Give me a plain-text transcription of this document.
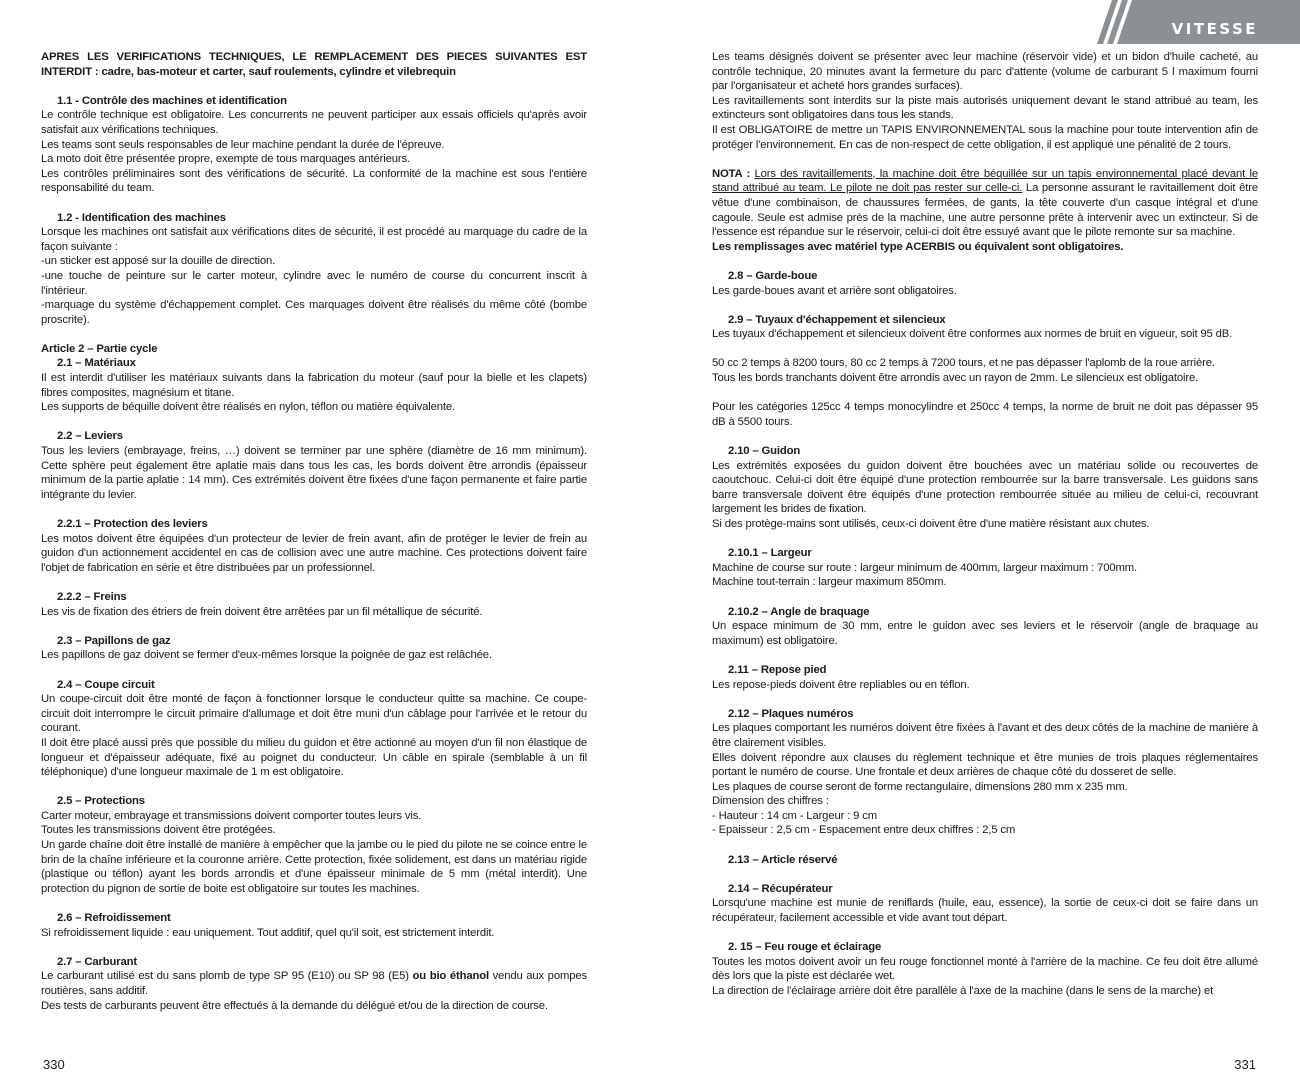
APRES LES VERIFICATIONS TECHNIQUES, LE REMPLACEMENT DES PIECES SUIVANTES EST INTERDIT : cadre, bas-moteur et carter, sauf roulements, cylindre et vilebrequin

1.1 - Contrôle des machines et identification

Le contrôle technique est obligatoire. Les concurrents ne peuvent participer aux essais officiels qu'après avoir satisfait aux vérifications techniques.

Les teams sont seuls responsables de leur machine pendant la durée de l'épreuve.

La moto doit être présentée propre, exempte de tous marquages antérieurs.

Les contrôles préliminaires sont des vérifications de sécurité. La conformité de la machine est sous l'entière responsabilité du team.

1.2 - Identification des machines

Lorsque les machines ont satisfait aux vérifications dites de sécurité, il est procédé au marquage du cadre de la façon suivante :

-un sticker est apposé sur la douille de direction.

-une touche de peinture sur le carter moteur, cylindre avec le numéro de course du concurrent inscrit à l'intérieur.

-marquage du système d'échappement complet. Ces marquages doivent être réalisés du même côté (bombe proscrite).

Article 2 – Partie cycle

2.1 – Matériaux

Il est interdit d'utiliser les matériaux suivants dans la fabrication du moteur (sauf pour la bielle et les clapets) fibres composites, magnésium et titane.

Les supports de béquille doivent être réalisés en nylon, téflon ou matière équivalente.

2.2 – Leviers

Tous les leviers (embrayage, freins, …) doivent se terminer par une sphère (diamètre de 16 mm minimum). Cette sphère peut également être aplatie mais dans tous les cas, les bords doivent être arrondis (épaisseur minimum de la partie aplatie : 14 mm). Ces extrémités doivent être fixées d'une façon permanente et faire partie intégrante du levier.

2.2.1 – Protection des leviers

Les motos doivent être équipées d'un protecteur de levier de frein avant, afin de protéger le levier de frein au guidon d'un actionnement accidentel en cas de collision avec une autre machine. Ces protections doivent faire l'objet de fabrication en série et être distribuées par un professionnel.

2.2.2 – Freins

Les vis de fixation des étriers de frein doivent être arrêtées par un fil métallique de sécurité.

2.3 – Papillons de gaz

Les papillons de gaz doivent se fermer d'eux-mêmes lorsque la poignée de gaz est relâchée.

2.4 – Coupe circuit

Un coupe-circuit doit être monté de façon à fonctionner lorsque le conducteur quitte sa machine. Ce coupe-circuit doit interrompre le circuit primaire d'allumage et doit être muni d'un câblage pour l'arrivée et le retour du courant.

Il doit être placé aussi près que possible du milieu du guidon et être actionné au moyen d'un fil non élastique de longueur et d'épaisseur adéquate, fixé au poignet du conducteur. Un câble en spirale (semblable à un fil téléphonique) d'une longueur maximale de 1 m est obligatoire.

2.5 – Protections

Carter moteur, embrayage et transmissions doivent comporter toutes leurs vis.

Toutes les transmissions doivent être protégées.

Un garde chaîne doit être installé de manière à empêcher que la jambe ou le pied du pilote ne se coince entre le brin de la chaîne inférieure et la couronne arrière. Cette protection, fixée solidement, est dans un matériau rigide (plastique ou téflon) ayant les bords arrondis et d'une épaisseur minimale de 5 mm (métal interdit). Une protection du pignon de sortie de boite est obligatoire sur toutes les machines.

2.6 – Refroidissement

Si refroidissement liquide : eau uniquement. Tout additif, quel qu'il soit, est strictement interdit.

2.7 – Carburant

Le carburant utilisé est du sans plomb de type SP 95 (E10) ou SP 98 (E5) ou bio éthanol vendu aux pompes routières, sans additif.

Des tests de carburants peuvent être effectués à la demande du délégué et/ou de la direction de course.

330
VITESSE

Les teams désignés doivent se présenter avec leur machine (réservoir vide) et un bidon d'huile cacheté, au contrôle technique, 20 minutes avant la fermeture du parc d'attente (volume de carburant 5 l maximum fourni par l'organisateur et acheté hors grandes surfaces).

Les ravitaillements sont interdits sur la piste mais autorisés uniquement devant le stand attribué au team, les extincteurs sont obligatoires dans tous les stands.

Il est OBLIGATOIRE de mettre un TAPIS ENVIRONNEMENTAL sous la machine pour toute intervention afin de protéger l'environnement. En cas de non-respect de cette obligation, il est appliqué une pénalité de 2 tours.

NOTA : Lors des ravitaillements, la machine doit être béquillée sur un tapis environnemental placé devant le stand attribué au team. Le pilote ne doit pas rester sur celle-ci. La personne assurant le ravitaillement doit être vêtue d'une combinaison, de chaussures fermées, de gants, la tête couverte d'un casque intégral et d'une cagoule. Seule est admise près de la machine, une autre personne prête à intervenir avec un extincteur. Si de l'essence est répandue sur le réservoir, celui-ci doit être essuyé avant que le pilote remonte sur sa machine.

Les remplissages avec matériel type ACERBIS ou équivalent sont obligatoires.

2.8 – Garde-boue

Les garde-boues avant et arrière sont obligatoires.

2.9 – Tuyaux d'échappement et silencieux

Les tuyaux d'échappement et silencieux doivent être conformes aux normes de bruit en vigueur, soit 95 dB.

50 cc 2 temps à 8200 tours, 80 cc 2 temps à 7200 tours, et ne pas dépasser l'aplomb de la roue arrière.

Tous les bords tranchants doivent être arrondis avec un rayon de 2mm. Le silencieux est obligatoire.

Pour les catégories 125cc 4 temps monocylindre et 250cc 4 temps, la norme de bruit ne doit pas dépasser 95 dB à 5500 tours.

2.10 – Guidon

Les extrémités exposées du guidon doivent être bouchées avec un matériau solide ou recouvertes de caoutchouc. Celui-ci doit être équipé d'une protection rembourrée sur la barre transversale. Les guidons sans barre transversale doivent être équipés d'une protection rembourrée située au milieu de celui-ci, recouvrant largement les brides de fixation.

Si des protège-mains sont utilisés, ceux-ci doivent être d'une matière résistant aux chutes.

2.10.1 – Largeur

Machine de course sur route : largeur minimum de 400mm, largeur maximum : 700mm.

Machine tout-terrain : largeur maximum 850mm.

2.10.2 – Angle de braquage

Un espace minimum de 30 mm, entre le guidon avec ses leviers et le réservoir (angle de braquage au maximum) est obligatoire.

2.11 – Repose pied

Les repose-pieds doivent être repliables ou en téflon.

2.12 – Plaques numéros

Les plaques comportant les numéros doivent être fixées à l'avant et des deux côtés de la machine de manière à être clairement visibles.

Elles doivent répondre aux clauses du règlement technique et être munies de trois plaques réglementaires portant le numéro de course. Une frontale et deux arrières de chaque côté du dosseret de selle.

Les plaques de course seront de forme rectangulaire, dimensions 280 mm x 235 mm.

Dimension des chiffres :

- Hauteur : 14 cm - Largeur : 9 cm

- Epaisseur : 2,5 cm - Espacement entre deux chiffres : 2,5 cm

2.13 – Article réservé

2.14 – Récupérateur

Lorsqu'une machine est munie de reniflards (huile, eau, essence), la sortie de ceux-ci doit se faire dans un récupérateur, facilement accessible et vide avant tout départ.

2. 15 – Feu rouge et éclairage

Toutes les motos doivent avoir un feu rouge fonctionnel monté à l'arrière de la machine. Ce feu doit être allumé dès lors que la piste est déclarée wet.

La direction de l'éclairage arrière doit être parallèle à l'axe de la machine (dans le sens de la marche) et

331
